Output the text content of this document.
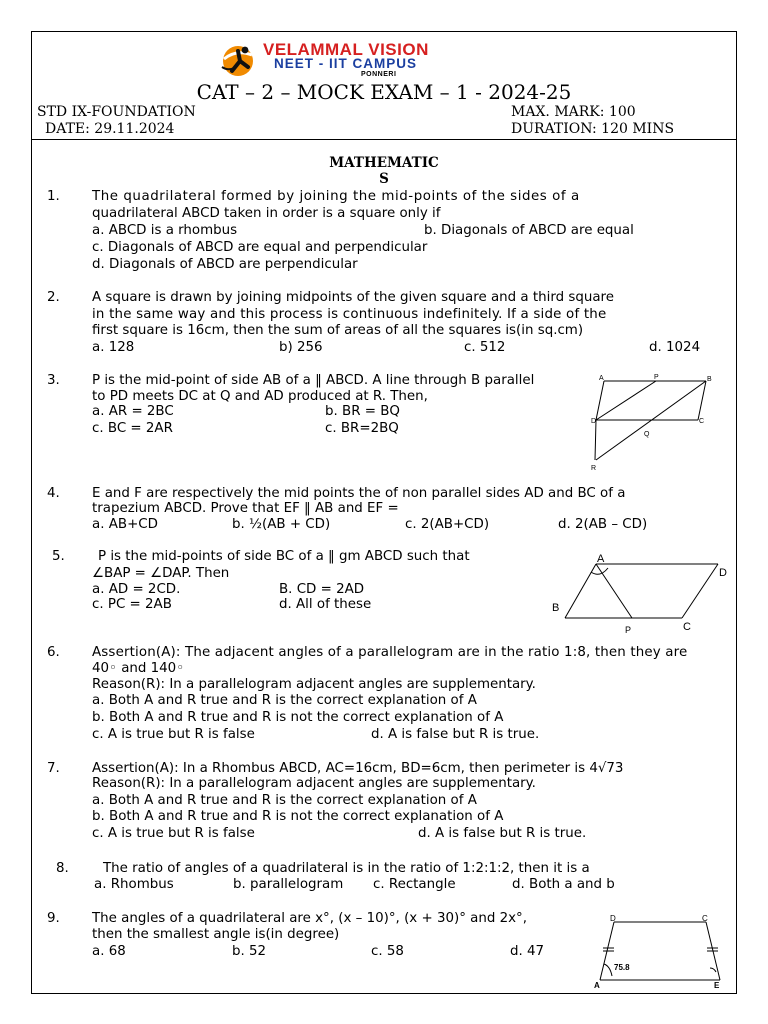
VELAMMAL VISION
NEET - IIT CAMPUS
PONNERI
CAT – 2 – MOCK EXAM – 1 - 2024-25
STD IX-FOUNDATION
DATE: 29.11.2024
MAX. MARK: 100
DURATION: 120 MINS
MATHEMATIC
S
1. The quadrilateral formed by joining the mid-points of the sides of a
quadrilateral ABCD taken in order is a square only if
a. ABCD is a rhombus	b. Diagonals of ABCD are equal
c. Diagonals of ABCD are equal and perpendicular
d. Diagonals of ABCD are perpendicular
2. A square is drawn by joining midpoints of the given square and a third square
in the same way and this process is continuous indefinitely. If a side of the
first square is 16cm, then the sum of areas of all the squares is(in sq.cm)
a. 128	b) 256	c. 512	d. 1024
3. P is the mid-point of side AB of a ‖ ABCD. A line through B parallel
to PD meets DC at Q and AD produced at R. Then,
a. AR = 2BC	b. BR = BQ
c. BC = 2AR	c. BR=2BQ
A	P	B
D	C
Q
R
4. E and F are respectively the mid points the of non parallel sides AD and BC of a
trapezium ABCD. Prove that EF ‖ AB and EF =
a. AB+CD	b. ½(AB + CD)	c. 2(AB+CD)	d. 2(AB – CD)
5. P is the mid-points of side BC of a ‖ gm ABCD such that
∠BAP = ∠DAP. Then
a. AD = 2CD.	B. CD = 2AD
c. PC = 2AB	d. All of these
A
D
B
P	C
6. Assertion(A): The adjacent angles of a parallelogram are in the ratio 1:8, then they are
40◦ and 140◦
Reason(R): In a parallelogram adjacent angles are supplementary.
a. Both A and R true and R is the correct explanation of A
b. Both A and R true and R is not the correct explanation of A
c. A is true but R is false	d. A is false but R is true.
7. Assertion(A): In a Rhombus ABCD, AC=16cm, BD=6cm, then perimeter is 4√73
Reason(R): In a parallelogram adjacent angles are supplementary.
a. Both A and R true and R is the correct explanation of A
b. Both A and R true and R is not the correct explanation of A
c. A is true but R is false	d. A is false but R is true.
8.	The ratio of angles of a quadrilateral is in the ratio of 1:2:1:2, then it is a
a. Rhombus	b. parallelogram c. Rectangle	d. Both a and b
9. The angles of a quadrilateral are x°, (x – 10)°, (x + 30)° and 2x°,
then the smallest angle is(in degree)
a. 68	b. 52	c. 58	d. 47
D	C
75.8
A	E
